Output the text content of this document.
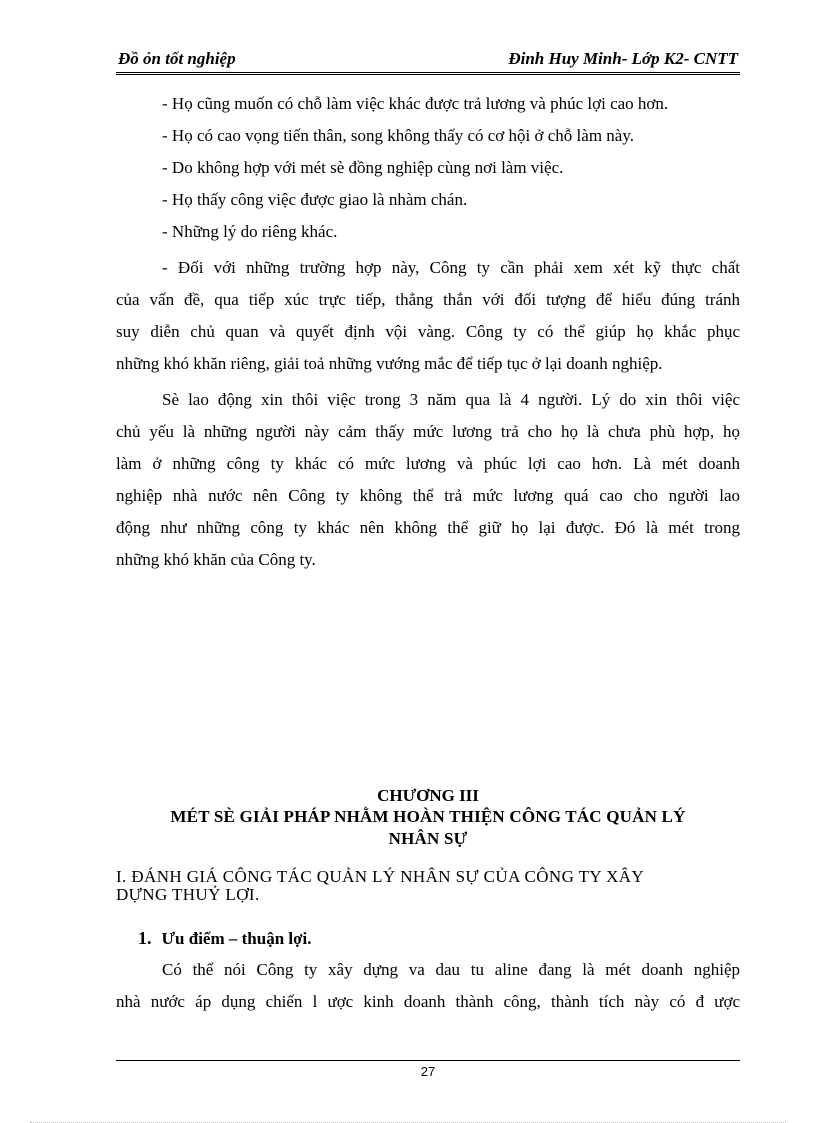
Đồ ỏn tốt nghiệp	Đinh Huy Minh- Lớp K2- CNTT
- Họ cũng muốn có chỗ làm việc khác được trả lương và phúc lợi cao hơn.
- Họ có cao vọng tiến thân, song không thấy có cơ hội ở chỗ làm này.
- Do không hợp với mét sè đồng nghiệp cùng nơi làm việc.
- Họ thấy công việc được giao là nhàm chán.
- Những lý do riêng khác.
- Đối với những trường hợp này, Công ty cần phải xem xét kỹ thực chất
của vấn đề, qua tiếp xúc trực tiếp, thẳng thắn với đối tượng để hiểu đúng tránh
suy diễn chủ quan và quyết định vội vàng. Công ty có thể giúp họ khắc phục
những khó khăn riêng, giải toả những vướng mắc để tiếp tục ở lại doanh nghiệp.
Sè lao động xin thôi việc trong 3 năm qua là 4 người. Lý do xin thôi việc
chủ yếu là những người này cảm thấy mức lương trả cho họ là chưa phù hợp, họ
làm ở những công ty khác có mức lương và phúc lợi cao hơn. Là mét doanh
nghiệp nhà nước nên Công ty không thể trả mức lương quá cao cho người lao
động như những công ty khác nên không thể giữ họ lại được. Đó là mét trong
những khó khăn của Công ty.
CHƯƠNG III
MÉT SÈ GIẢI PHÁP NHẰM HOÀN THIỆN CÔNG TÁC QUẢN LÝ
NHÂN SỰ
I. ĐÁNH GIÁ CÔNG TÁC QUẢN LÝ NHÂN SỰ CỦA CÔNG TY XÂY
DỰNG THUỶ LỢI.
1. Ưu điểm – thuận lợi.
Có thể nói Công ty xây dựng va dau tu aline đang là mét doanh nghiệp
nhà nước áp dụng chiến l ược kinh doanh thành công, thành tích này có đ ược
27
